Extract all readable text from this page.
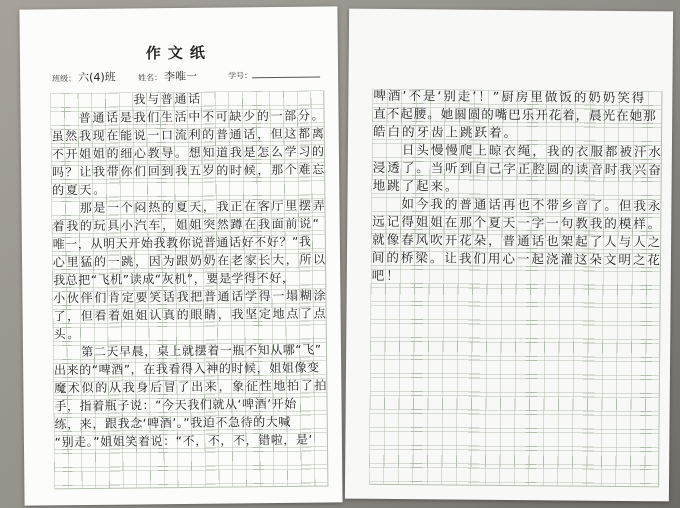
作文纸
班级： 六(4)班	姓名： 李唯一	学号：
我与普通话
普通话是我们生活中不可缺少的一部分。
虽然我现在能说一口流利的普通话，但这都离
不开姐姐的细心教导。想知道我是怎么学习的
吗？让我带你们回到我五岁的时候，那个难忘
的夏天。
那是一个闷热的夏天，我正在客厅里摆弄
着我的玩具小汽车，姐姐突然蹲在我面前说“
唯一，从明天开始我教你说普通话好不好？”我
心里猛的一跳，因为跟奶奶在老家长大，所以
我总把“飞机”读成“灰机”，要是学得不好，
小伙伴们肯定要笑话我把普通话学得一塌糊涂
了，但看着姐姐认真的眼睛，我坚定地点了点
头。
第二天早晨，桌上就摆着一瓶不知从哪“飞”
出来的“啤酒”，在我看得入神的时候，姐姐像变
魔术似的从我身后冒了出来，象征性地拍了拍
手，指着瓶子说：“今天我们就从‘啤酒’开始
练，来，跟我念‘啤酒’。”我迫不急待的大喊
“别走。”姐姐笑着说：“不，不，不，错啦，是‘
啤酒’不是‘别走’！”厨房里做饭的奶奶笑得
直不起腰。她圆圆的嘴巴乐开花着，晨光在她那
皓白的牙齿上跳跃着。
日头慢慢爬上晾衣绳，我的衣服都被汗水
浸透了。当听到自己字正腔圆的读音时我兴奋
地跳了起来。
如今我的普通话再也不带乡音了。但我永
远记得姐姐在那个夏天一字一句教我的模样。
就像春风吹开花朵，普通话也架起了人与人之
间的桥梁。让我们用心一起浇灌这朵文明之花
吧！
